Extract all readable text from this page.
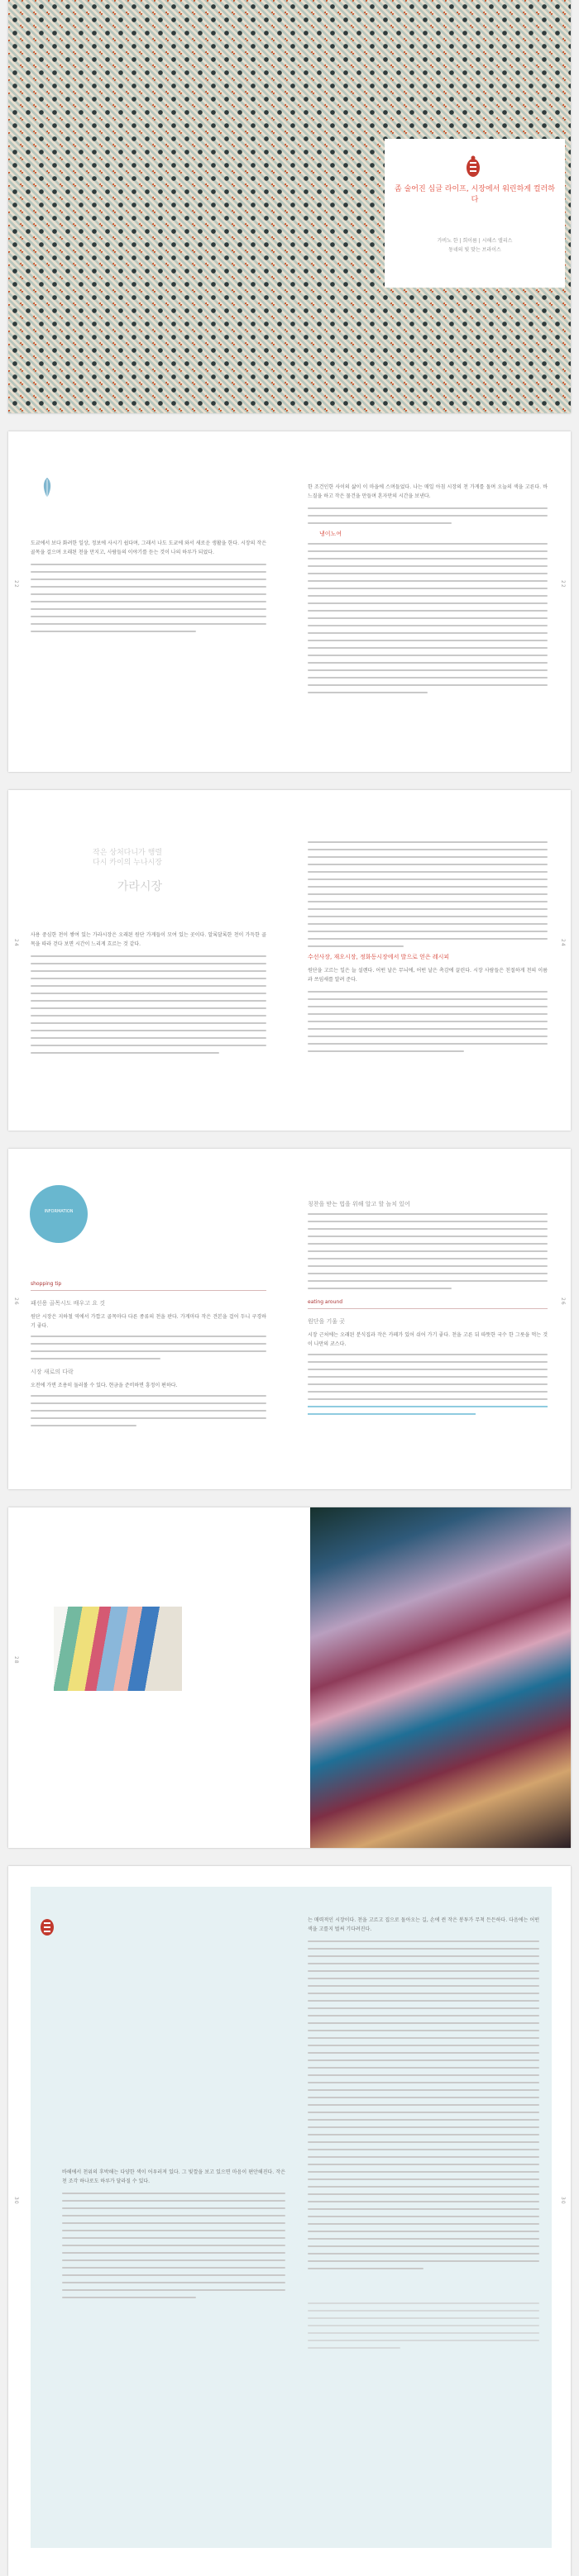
좀 술어진 심글 라이프, 시장에서 워린하게 컬러하다
가비노 한 | 희이름 | 시해스 앨리스
동네의 빛 맞는 브라이스
22	22
도쿄에서 보다 화려한 일상, 정보에 사시기 쉽다며, 그래서 나도 도쿄에 와서 새로운 생활을 한다. 시장의 작은 골목을 걸으며 오래된 천을 만지고, 사람들의 이야기를 듣는 것이 나의 하루가 되었다.
한 조건인한 사이의 삶이 이 마을에 스며들었다. 나는 매일 아침 시장의 천 가게를 돌며 오늘의 색을 고른다. 바느질을 하고 작은 물건을 만들며 혼자만의 시간을 보낸다.
냉이노여
24	24
작은 상처다니가 행렬 다시 카이의 누나시장
가라시장
사용 중심한 천이 쌓여 있는 가라시장은 오래된 원단 가게들이 모여 있는 곳이다. 알록달록한 천이 가득한 골목을 따라 걷다 보면 시간이 느리게 흐르는 것 같다.
수선사장, 재오시장, 정화동시장에서 발으로 얻은 레시피
원단을 고르는 일은 늘 설렌다. 어떤 날은 무늬에, 어떤 날은 촉감에 끌린다. 시장 사람들은 친절하게 천의 이름과 쓰임새를 알려 준다.
26	26
INFORMATION
shopping tip
패션용 골목시도 배우고 요 것
원단 시장은 지하철 역에서 가깝고 골목마다 다른 종류의 천을 판다. 가게마다 작은 견본을 걸어 두니 구경하기 좋다.
시장 새로의 다락
오전에 가면 조용히 둘러볼 수 있다. 현금을 준비하면 흥정이 편하다.
칭찬을 받는 법을 위해 알고 할 놀치 있어
eating around
원단을 기울 곳
시장 근처에는 오래된 분식집과 작은 카페가 있어 쉬어 가기 좋다. 천을 고른 뒤 따뜻한 국수 한 그릇을 먹는 것이 나만의 코스다.
28
30	30
바해에서 천위의 후박해는 다양한 색이 어우러져 있다. 그 빛깔을 보고 있으면 마음이 편안해진다. 작은 천 조각 하나로도 하루가 달라질 수 있다.
는 매력적인 시장이다. 천을 고르고 집으로 돌아오는 길, 손에 쥔 작은 봉투가 무척 든든하다. 다음에는 어떤 색을 고를지 벌써 기다려진다.
